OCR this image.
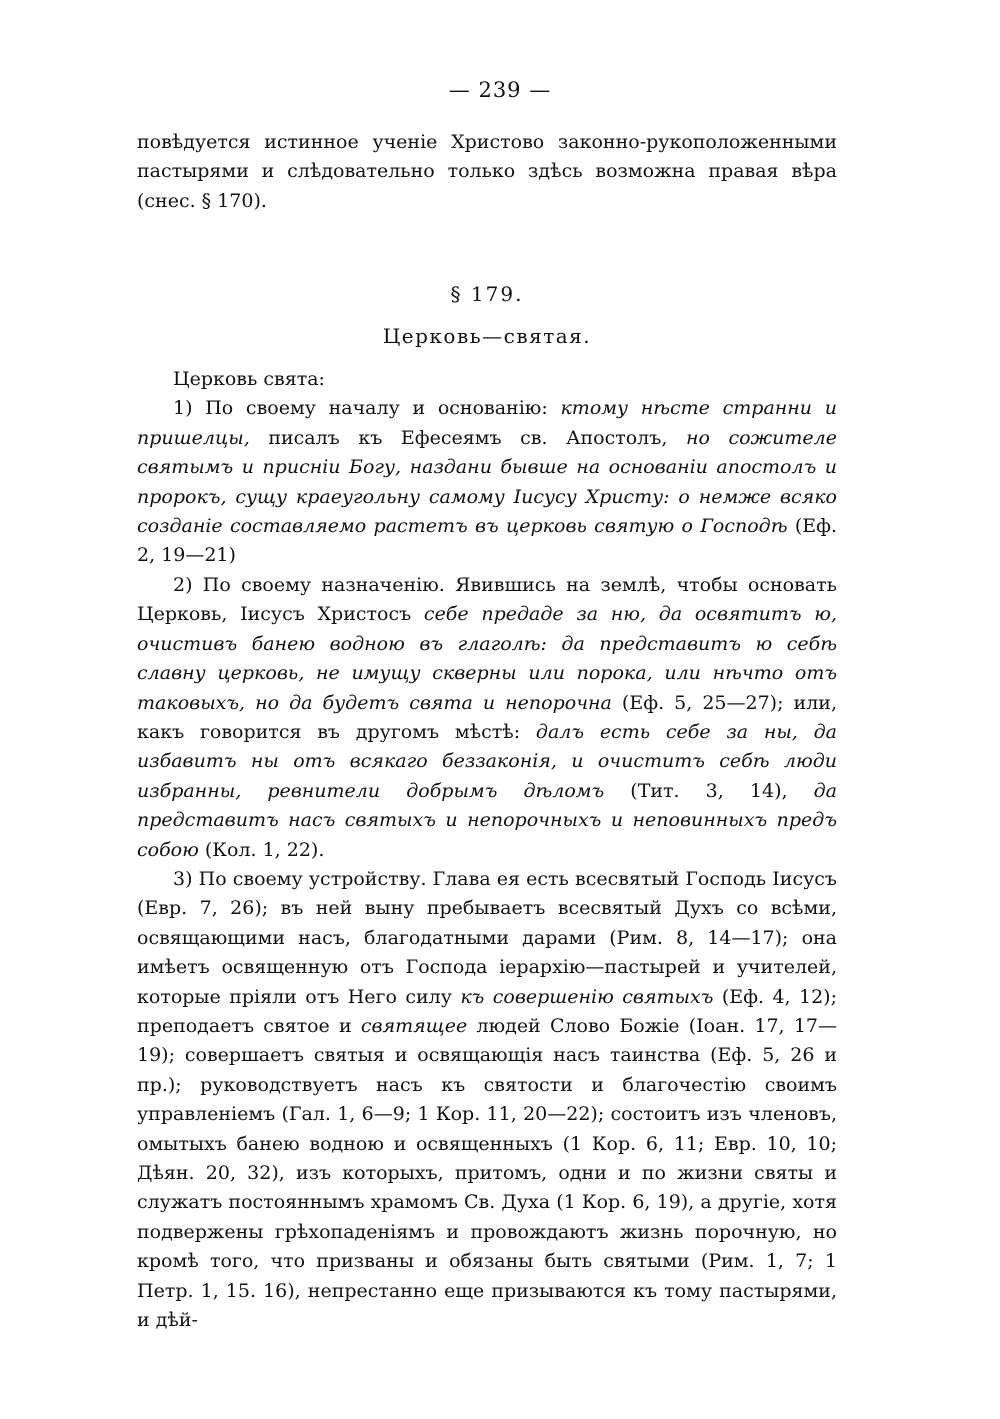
— 239 —

повѣдуется истинное ученіе Христово законно-рукоположенными пастырями и слѣдовательно только здѣсь возможна правая вѣра (снес. § 170).

§ 179.
Церковь—святая.

Церковь свята:

1) По своему началу и основанію: ктому нѣсте странни и пришелцы, писалъ къ Ефесеямъ св. Апостолъ, но сожителе святымъ и присніи Богу, наздани бывше на основаніи апостолъ и пророкъ, сущу краеугольну самому Іисусу Христу: о немже всяко созданіе составляемо растетъ въ церковь святую о Господѣ (Еф. 2, 19—21)

2) По своему назначенію. Явившись на землѣ, чтобы основать Церковь, Іисусъ Христосъ себе предаде за ню, да освятитъ ю, очистивъ банею водною въ глаголѣ: да представитъ ю себѣ славну церковь, не имущу скверны или порока, или нѣчто отъ таковыхъ, но да будетъ свята и непорочна (Еф. 5, 25—27); или, какъ говорится въ другомъ мѣстѣ: далъ есть себе за ны, да избавитъ ны отъ всякаго беззаконія, и очиститъ себѣ люди избранны, ревнители добрымъ дѣломъ (Тит. 3, 14), да представитъ насъ святыхъ и непорочныхъ и неповинныхъ предъ собою (Кол. 1, 22).

3) По своему устройству. Глава ея есть всесвятый Господь Іисусъ (Евр. 7, 26); въ ней выну пребываетъ всесвятый Духъ со всѣми, освящающими насъ, благодатными дарами (Рим. 8, 14—17); она имѣетъ освященную отъ Господа іерархію—пастырей и учителей, которые пріяли отъ Него силу къ совершенію святыхъ (Еф. 4, 12); преподаетъ святое и святящее людей Слово Божіе (Іоан. 17, 17—19); совершаетъ святыя и освящающія насъ таинства (Еф. 5, 26 и пр.); руководствуетъ насъ къ святости и благочестію своимъ управленіемъ (Гал. 1, 6—9; 1 Кор. 11, 20—22); состоитъ изъ членовъ, омытыхъ банею водною и освященныхъ (1 Кор. 6, 11; Евр. 10, 10; Дѣян. 20, 32), изъ которыхъ, притомъ, одни и по жизни святы и служатъ постояннымъ храмомъ Св. Духа (1 Кор. 6, 19), а другіе, хотя подвержены грѣхопаденіямъ и провождаютъ жизнь порочную, но кромѣ того, что призваны и обязаны быть святыми (Рим. 1, 7; 1 Петр. 1, 15. 16), непрестанно еще призываются къ тому пастырями, и дѣй-
